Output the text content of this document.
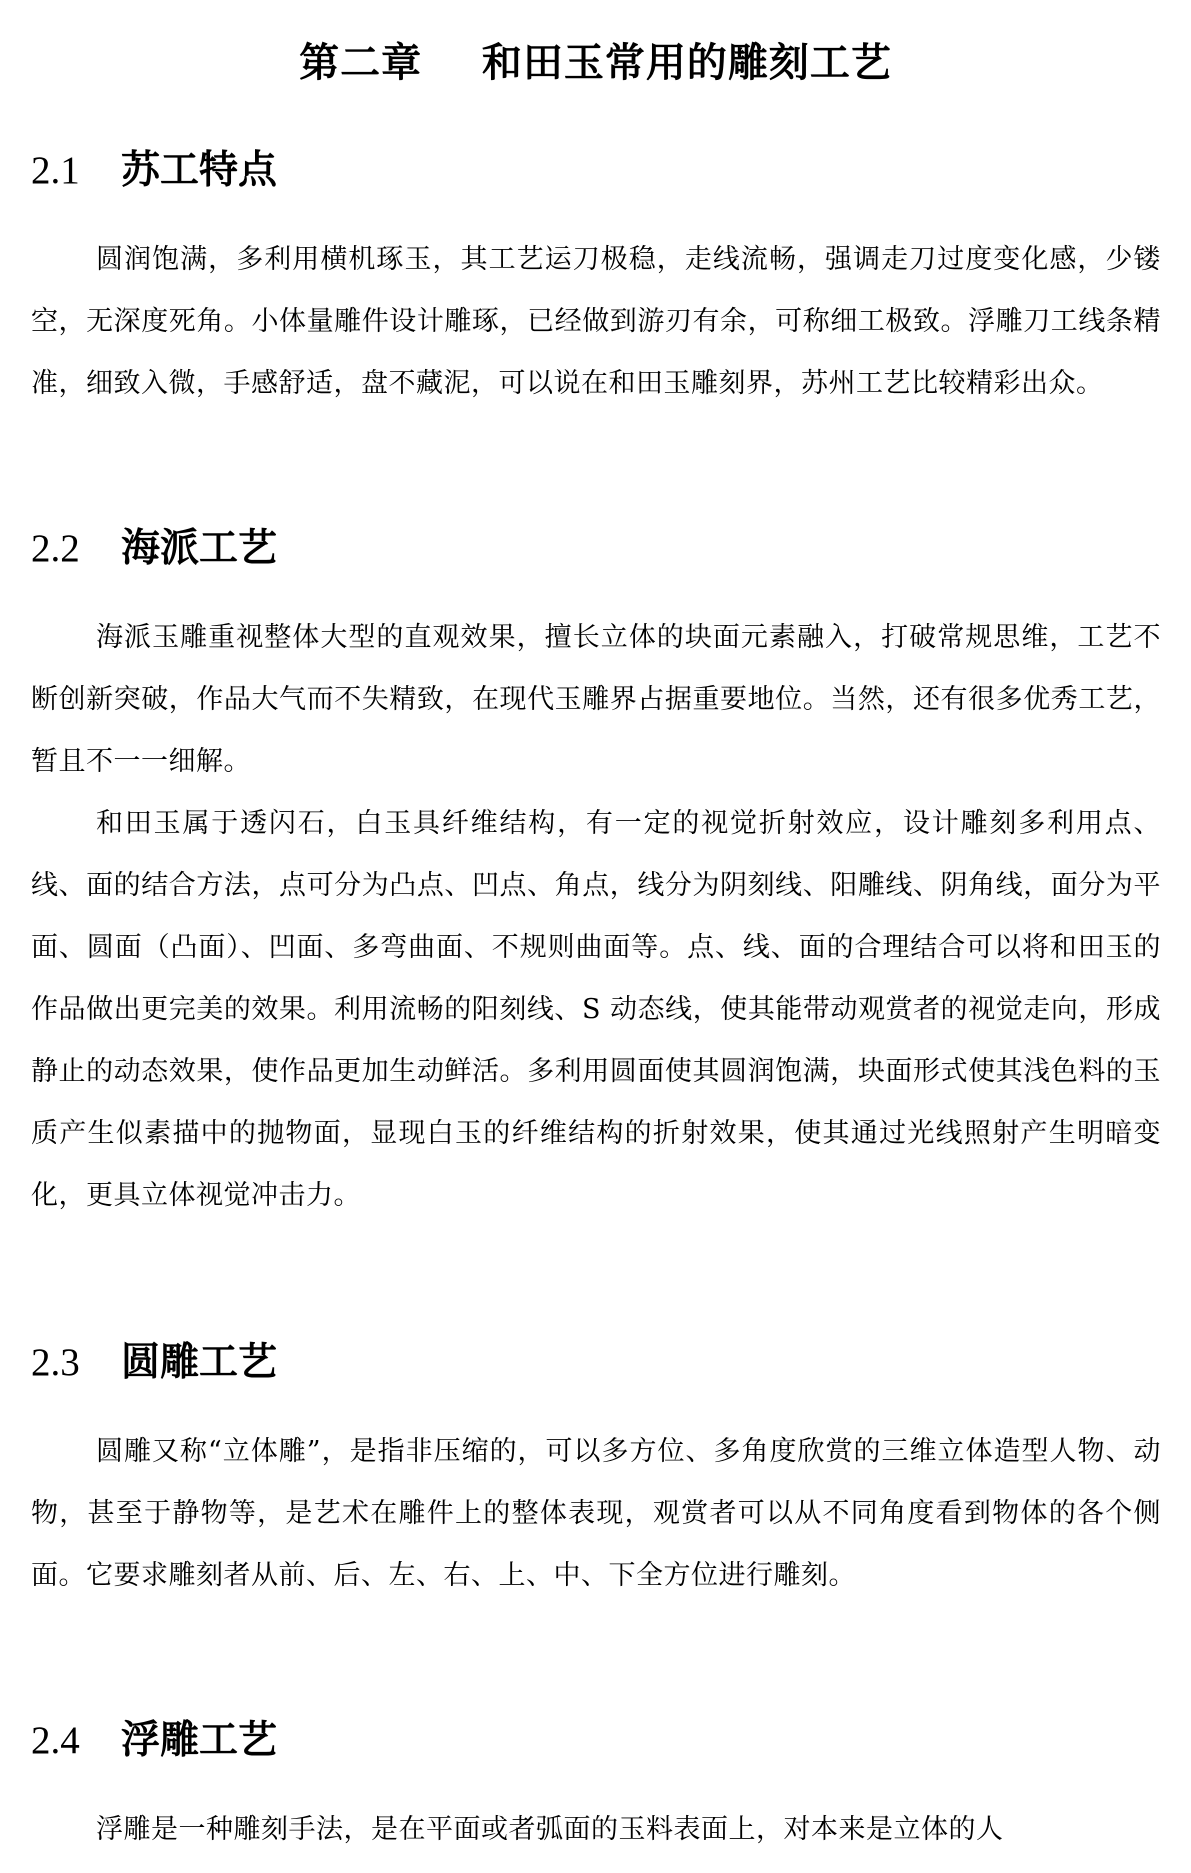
第二章    和田玉常用的雕刻工艺
2.1 苏工特点

圆润饱满，多利用横机琢玉，其工艺运刀极稳，走线流畅，强调走刀过度变化感，少镂空，无深度死角。小体量雕件设计雕琢，已经做到游刃有余，可称细工极致。浮雕刀工线条精准，细致入微，手感舒适，盘不藏泥，可以说在和田玉雕刻界，苏州工艺比较精彩出众。

2.2 海派工艺

海派玉雕重视整体大型的直观效果，擅长立体的块面元素融入，打破常规思维，工艺不断创新突破，作品大气而不失精致，在现代玉雕界占据重要地位。当然，还有很多优秀工艺，暂且不一一细解。

和田玉属于透闪石，白玉具纤维结构，有一定的视觉折射效应，设计雕刻多利用点、线、面的结合方法，点可分为凸点、凹点、角点，线分为阴刻线、阳雕线、阴角线，面分为平面、圆面（凸面）、凹面、多弯曲面、不规则曲面等。点、线、面的合理结合可以将和田玉的作品做出更完美的效果。利用流畅的阳刻线、S 动态线，使其能带动观赏者的视觉走向，形成静止的动态效果，使作品更加生动鲜活。多利用圆面使其圆润饱满，块面形式使其浅色料的玉质产生似素描中的抛物面，显现白玉的纤维结构的折射效果，使其通过光线照射产生明暗变化，更具立体视觉冲击力。

2.3 圆雕工艺

圆雕又称“立体雕”，是指非压缩的，可以多方位、多角度欣赏的三维立体造型人物、动物，甚至于静物等，是艺术在雕件上的整体表现，观赏者可以从不同角度看到物体的各个侧面。它要求雕刻者从前、后、左、右、上、中、下全方位进行雕刻。

2.4 浮雕工艺

浮雕是一种雕刻手法，是在平面或者弧面的玉料表面上，对本来是立体的人
